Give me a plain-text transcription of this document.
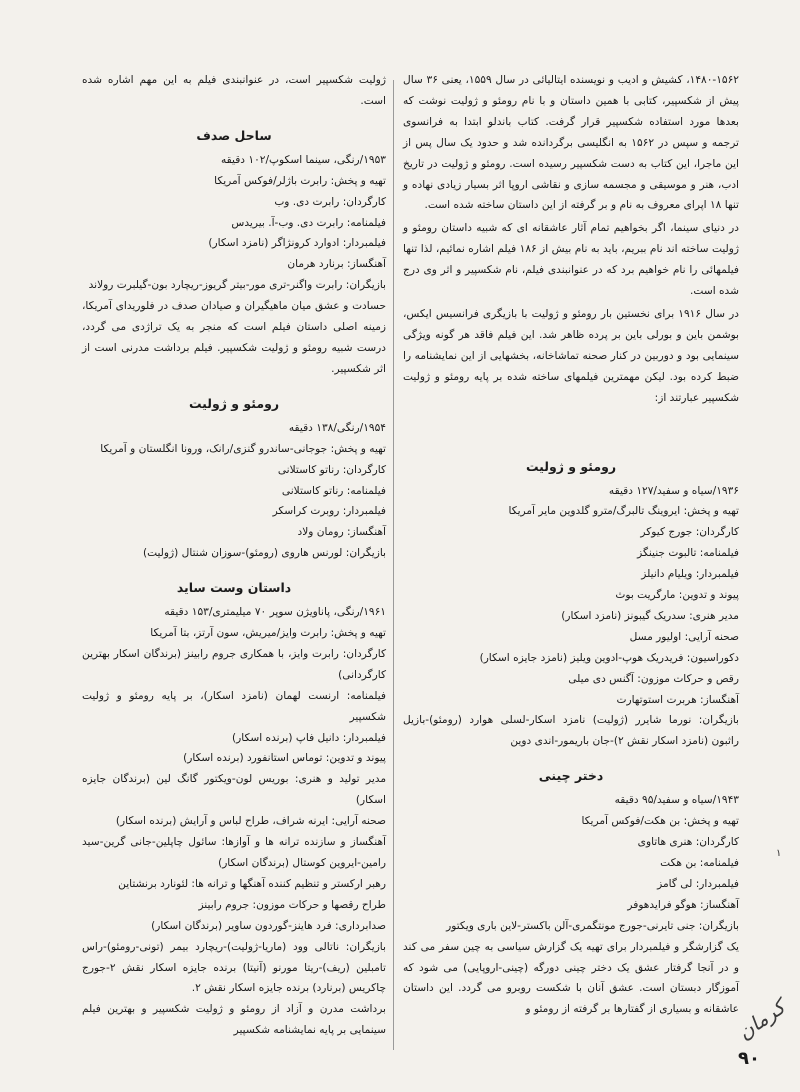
ژولیت شکسپیر است، در عنوانبندی فیلم به این مهم اشاره شده است.

ساحل صدف

۱۹۵۳/رنگی، سینما اسکوپ/۱۰۲ دقیقه

تهیه و پخش: رابرت باژلر/فوکس آمریکا

کارگردان: رابرت دی. وب

فیلمنامه: رابرت دی. وب-آ. بیریدس

فیلمبردار: ادوارد کرونژاگر (نامزد اسکار)

آهنگساز: برنارد هرمان

بازیگران: رابرت واگنر-تری مور-بیتر گریوز-ریچارد بون-گیلبرت رولاند

حسادت و عشق میان ماهیگیران و صیادان صدف در فلوریدای آمریکا، زمینه اصلی داستان فیلم است که منجر به یک تراژدی می گردد، درست شبیه رومئو و ژولیت شکسپیر. فیلم برداشت مدرنی است از اثر شکسپیر.

رومئو و ژولیت

۱۹۵۴/رنگی/۱۳۸ دقیقه

تهیه و پخش: جوجانی-ساندرو گنزی/رانک، ورونا انگلستان و آمریکا

کارگردان: رناتو کاستلانی

فیلمنامه: رناتو کاستلانی

فیلمبردار: روبرت کراسکر

آهنگساز: رومان ولاد

بازیگران: لورنس هاروی (رومئو)-سوزان شنتال (ژولیت)

داستان وست ساید

۱۹۶۱/رنگی، پاناویژن سوپر ۷۰ میلیمتری/۱۵۳ دقیقه

تهیه و پخش: رابرت وایز/میریش، سون آرتز، بتا آمریکا

کارگردان: رابرت وایز، با همکاری جروم رابینز (برندگان اسکار بهترین کارگردانی)

فیلمنامه: ارنست لهمان (نامزد اسکار)، بر پایه رومئو و ژولیت شکسپیر

فیلمبردار: دانیل فاپ (برنده اسکار)

پیوند و تدوین: توماس استانفورد (برنده اسکار)

مدیر تولید و هنری: بوریس لون-ویکتور گانگ لین (برندگان جایزه اسکار)

صحنه آرایی: ایرنه شراف، طراح لباس و آرایش (برنده اسکار)

آهنگساز و سازنده ترانه ها و آوازها: سائول چاپلین-جانی گرین-سید رامین-ایروین کوستال (برندگان اسکار)

رهبر ارکستر و تنظیم کننده آهنگها و ترانه ها: لئونارد برنشتاین

طراح رقصها و حرکات موزون: جروم رابینز

صدابرداری: فرد هاینز-گوردون ساویر (برندگان اسکار)

بازیگران: ناتالی وود (ماریا-ژولیت)-ریچارد بیمر (تونی-رومئو)-راس تامبلین (ریف)-ریتا مورنو (آنیتا) برنده جایزه اسکار نقش ۲-جورج چاکریس (برنارد) برنده جایزه اسکار نقش ۲.

برداشت مدرن و آزاد از رومئو و ژولیت شکسپیر و بهترین فیلم سینمایی بر پایه نمایشنامه شکسپیر

۱۴۸۰-۱۵۶۲، کشیش و ادیب و نویسنده ایتالیائی در سال ۱۵۵۹، یعنی ۳۶ سال پیش از شکسپیر، کتابی با همین داستان و با نام رومئو و ژولیت نوشت که بعدها مورد استفاده شکسپیر قرار گرفت. کتاب باندلو ابتدا به فرانسوی ترجمه و سپس در ۱۵۶۲ به انگلیسی برگردانده شد و حدود یک سال پس از این ماجرا، این کتاب به دست شکسپیر رسیده است. رومئو و ژولیت در تاریخ ادب، هنر و موسیقی و مجسمه سازی و نقاشی اروپا اثر بسیار زیادی نهاده و تنها ۱۸ اپرای معروف به نام و بر گرفته از این داستان ساخته شده است.

در دنیای سینما، اگر بخواهیم تمام آثار عاشقانه ای که شبیه داستان رومئو و ژولیت ساخته اند نام ببریم، باید به نام بیش از ۱۸۶ فیلم اشاره نمائیم، لذا تنها فیلمهائی را نام خواهیم برد که در عنوانبندی فیلم، نام شکسپیر و اثر وی درج شده است.

در سال ۱۹۱۶ برای نخستین بار رومئو و ژولیت با بازیگری فرانسیس ایکس، بوشمن باین و بورلی باین بر پرده ظاهر شد. این فیلم فاقد هر گونه ویژگی سینمایی بود و دوربین در کنار صحنه تماشاخانه، بخشهایی از این نمایشنامه را ضبط کرده بود. لیکن مهمترین فیلمهای ساخته شده بر پایه رومئو و ژولیت شکسپیر عبارتند از:

رومئو و ژولیت

۱۹۳۶/سیاه و سفید/۱۲۷ دقیقه

تهیه و پخش: ایروینگ تالبرگ/مترو گلدوین مایر آمریکا

کارگردان: جورج کیوکر

فیلمنامه: تالبوت جنینگز

فیلمبردار: ویلیام دانیلز

پیوند و تدوین: مارگریت بوث

مدیر هنری: سدریک گیبونز (نامزد اسکار)

صحنه آرایی: اولیور مسل

دکوراسیون: فریدریک هوپ-ادوین ویلیز (نامزد جایزه اسکار)

رقص و حرکات موزون: آگنس دی میلی

آهنگساز: هربرت استوتهارت

بازیگران: نورما شایرر (ژولیت) نامزد اسکار-لسلی هوارد (رومئو)-بازیل راثبون (نامزد اسکار نقش ۲)-جان باریمور-اندی دوین

دختر چینی

۱۹۴۳/سیاه و سفید/۹۵ دقیقه

تهیه و پخش: بن هکت/فوکس آمریکا

کارگردان: هنری هاتاوی

فیلمنامه: بن هکت

فیلمبردار: لی گامز

آهنگساز: هوگو فرایدهوفر

بازیگران: جنی تایرنی-جورج مونتگمری-آلن باکستر-لاین باری ویکتور

یک گزارشگر و فیلمبردار برای تهیه یک گزارش سیاسی به چین سفر می کند و در آنجا گرفتار عشق یک دختر چینی دورگه (چینی-اروپایی) می شود که آموزگار دبستان است. عشق آنان با شکست روبرو می گردد. این داستان عاشقانه و بسیاری از گفتارها بر گرفته از رومئو و

۱
کرمان
۹۰
